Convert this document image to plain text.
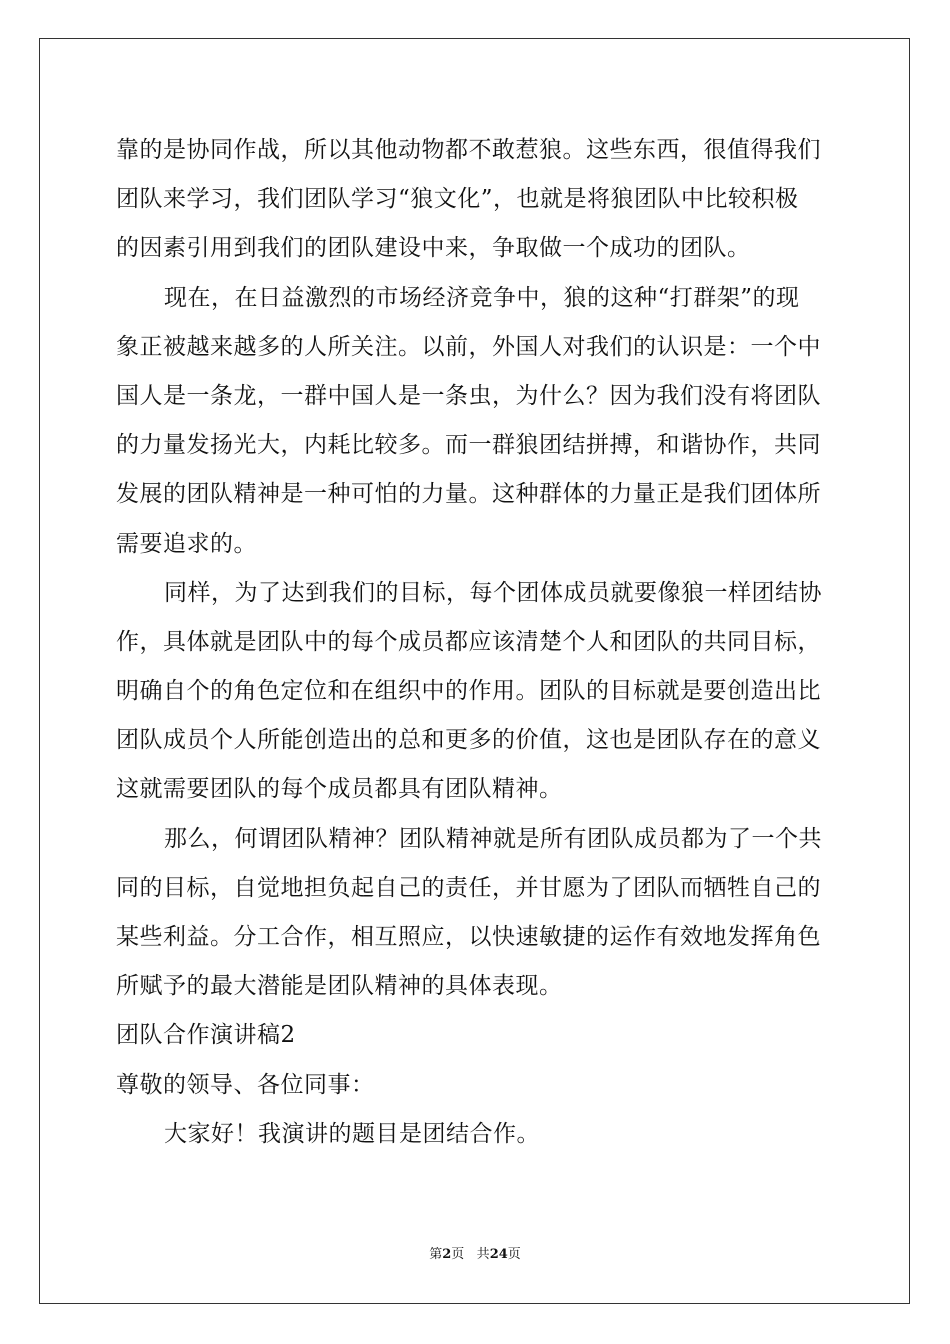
靠的是协同作战，所以其他动物都不敢惹狼。这些东西，很值得我们
团队来学习，我们团队学习“狼文化”，也就是将狼团队中比较积极
的因素引用到我们的团队建设中来，争取做一个成功的团队。
现在，在日益激烈的市场经济竞争中，狼的这种“打群架”的现
象正被越来越多的人所关注。以前，外国人对我们的认识是：一个中
国人是一条龙，一群中国人是一条虫，为什么？因为我们没有将团队
的力量发扬光大，内耗比较多。而一群狼团结拼搏，和谐协作，共同
发展的团队精神是一种可怕的力量。这种群体的力量正是我们团体所
需要追求的。
同样，为了达到我们的目标，每个团体成员就要像狼一样团结协
作，具体就是团队中的每个成员都应该清楚个人和团队的共同目标，
明确自个的角色定位和在组织中的作用。团队的目标就是要创造出比
团队成员个人所能创造出的总和更多的价值，这也是团队存在的意义
这就需要团队的每个成员都具有团队精神。
那么，何谓团队精神？团队精神就是所有团队成员都为了一个共
同的目标，自觉地担负起自己的责任，并甘愿为了团队而牺牲自己的
某些利益。分工合作，相互照应，以快速敏捷的运作有效地发挥角色
所赋予的最大潜能是团队精神的具体表现。
团队合作演讲稿2
尊敬的领导、各位同事：
大家好！我演讲的题目是团结合作。
第2页 共24页
